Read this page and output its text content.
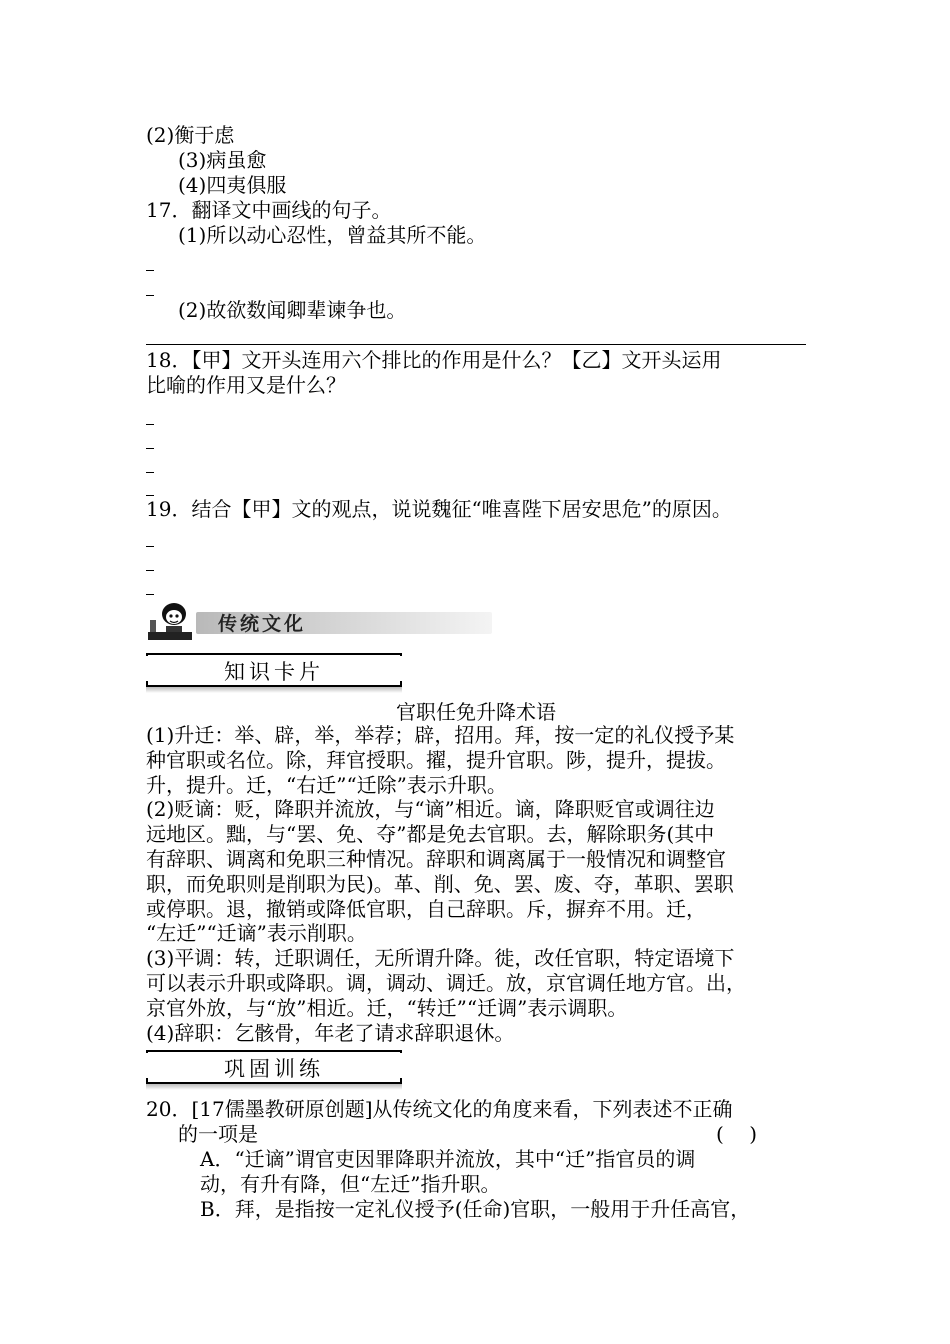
(2)衡于虑
(3)病虽愈
(4)四夷俱服
17．翻译文中画线的句子。
(1)所以动心忍性，曾益其所不能。
(2)故欲数闻卿辈谏争也。
18．【甲】文开头连用六个排比的作用是什么？【乙】文开头运用
比喻的作用又是什么？
19．结合【甲】文的观点，说说魏征“唯喜陛下居安思危”的原因。
传统文化
知识卡片
官职任免升降术语
(1)升迁：举、辟，举，举荐；辟，招用。拜，按一定的礼仪授予某
种官职或名位。除，拜官授职。擢，提升官职。陟，提升，提拔。
升，提升。迁，“右迁”“迁除”表示升职。
(2)贬谪：贬，降职并流放，与“谪”相近。谪，降职贬官或调往边
远地区。黜，与“罢、免、夺”都是免去官职。去，解除职务(其中
有辞职、调离和免职三种情况。辞职和调离属于一般情况和调整官
职，而免职则是削职为民)。革、削、免、罢、废、夺，革职、罢职
或停职。退，撤销或降低官职，自己辞职。斥，摒弃不用。迁，
“左迁”“迁谪”表示削职。
(3)平调：转，迁职调任，无所谓升降。徙，改任官职，特定语境下
可以表示升职或降职。调，调动、调迁。放，京官调任地方官。出，
京官外放，与“放”相近。迁，“转迁”“迁调”表示调职。
(4)辞职：乞骸骨，年老了请求辞职退休。
巩固训练
20．[17儒墨教研原创题]从传统文化的角度来看，下列表述不正确
的一项是	(    )
A．“迁谪”谓官吏因罪降职并流放，其中“迁”指官员的调
动，有升有降，但“左迁”指升职。
B．拜，是指按一定礼仪授予(任命)官职，一般用于升任高官，
